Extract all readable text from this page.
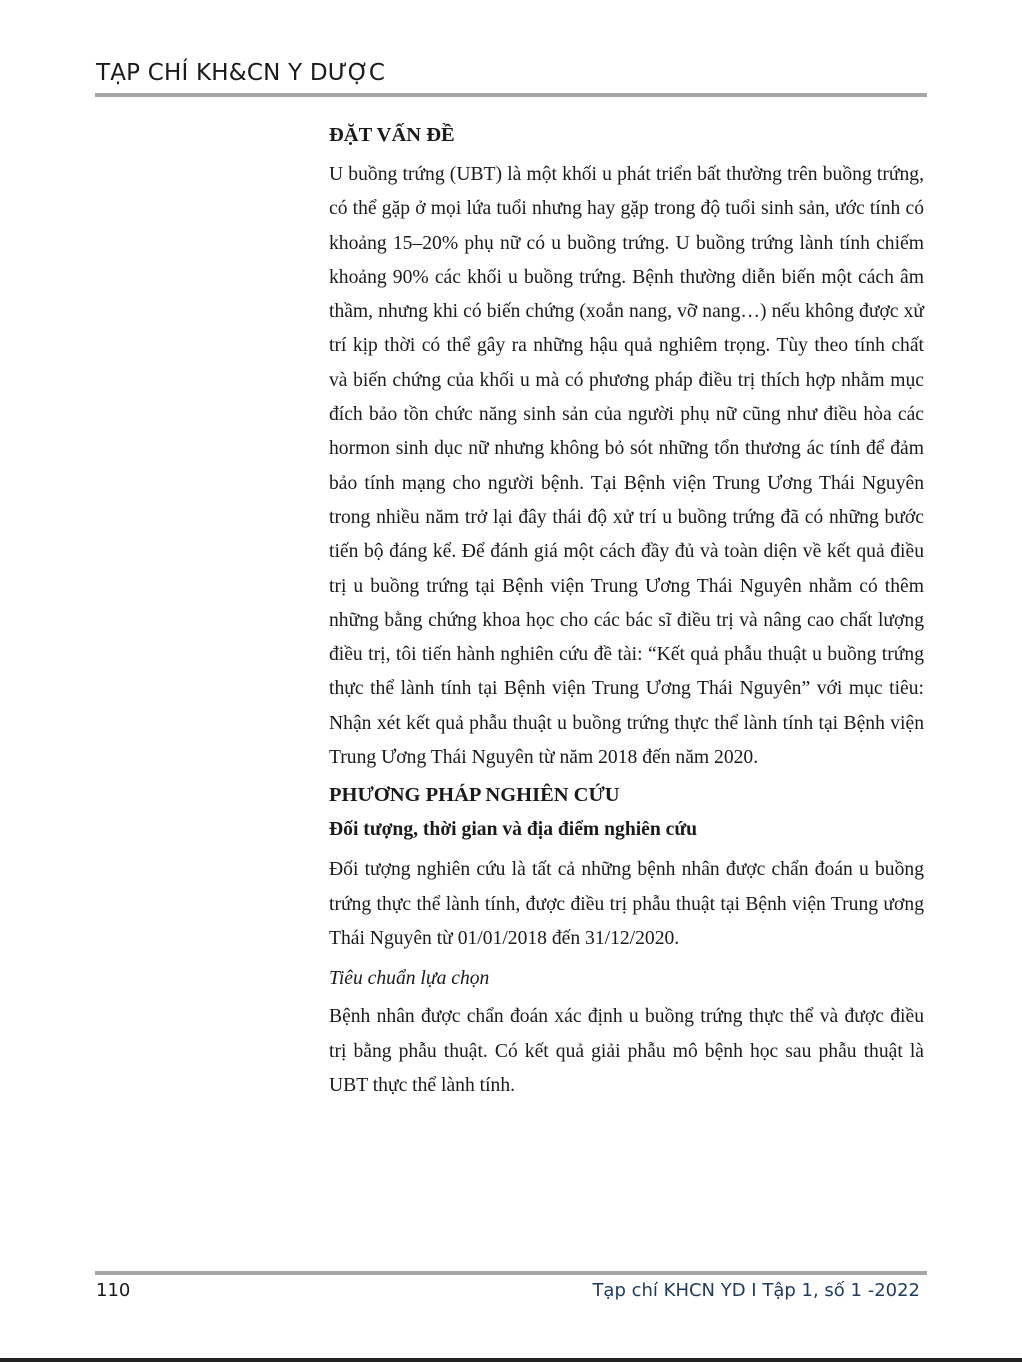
TẠP CHÍ KH&CN Y DƯỢC
ĐẶT VẤN ĐỀ

U buồng trứng (UBT) là một khối u phát triển bất thường trên buồng trứng, có thể gặp ở mọi lứa tuổi nhưng hay gặp trong độ tuổi sinh sản, ước tính có khoảng 15–20% phụ nữ có u buồng trứng. U buồng trứng lành tính chiếm khoảng 90% các khối u buồng trứng. Bệnh thường diễn biến một cách âm thầm, nhưng khi có biến chứng (xoắn nang, vỡ nang…) nếu không được xử trí kịp thời có thể gây ra những hậu quả nghiêm trọng. Tùy theo tính chất và biến chứng của khối u mà có phương pháp điều trị thích hợp nhằm mục đích bảo tồn chức năng sinh sản của người phụ nữ cũng như điều hòa các hormon sinh dục nữ nhưng không bỏ sót những tổn thương ác tính để đảm bảo tính mạng cho người bệnh. Tại Bệnh viện Trung Ương Thái Nguyên trong nhiều năm trở lại đây thái độ xử trí u buồng trứng đã có những bước tiến bộ đáng kể. Để đánh giá một cách đầy đủ và toàn diện về kết quả điều trị u buồng trứng tại Bệnh viện Trung Ương Thái Nguyên nhằm có thêm những bằng chứng khoa học cho các bác sĩ điều trị và nâng cao chất lượng điều trị, tôi tiến hành nghiên cứu đề tài: “Kết quả phẫu thuật u buồng trứng thực thể lành tính tại Bệnh viện Trung Ương Thái Nguyên” với mục tiêu: Nhận xét kết quả phẫu thuật u buồng trứng thực thể lành tính tại Bệnh viện Trung Ương Thái Nguyên từ năm 2018 đến năm 2020.

PHƯƠNG PHÁP NGHIÊN CỨU
Đối tượng, thời gian và địa điểm nghiên cứu

Đối tượng nghiên cứu là tất cả những bệnh nhân được chẩn đoán u buồng trứng thực thể lành tính, được điều trị phẫu thuật tại Bệnh viện Trung ương Thái Nguyên từ 01/01/2018 đến 31/12/2020.

Tiêu chuẩn lựa chọn

Bệnh nhân được chẩn đoán xác định u buồng trứng thực thể và được điều trị bằng phẫu thuật. Có kết quả giải phẫu mô bệnh học sau phẫu thuật là UBT thực thể lành tính.

110	Tạp chí KHCN YD I Tập 1, số 1 -2022
